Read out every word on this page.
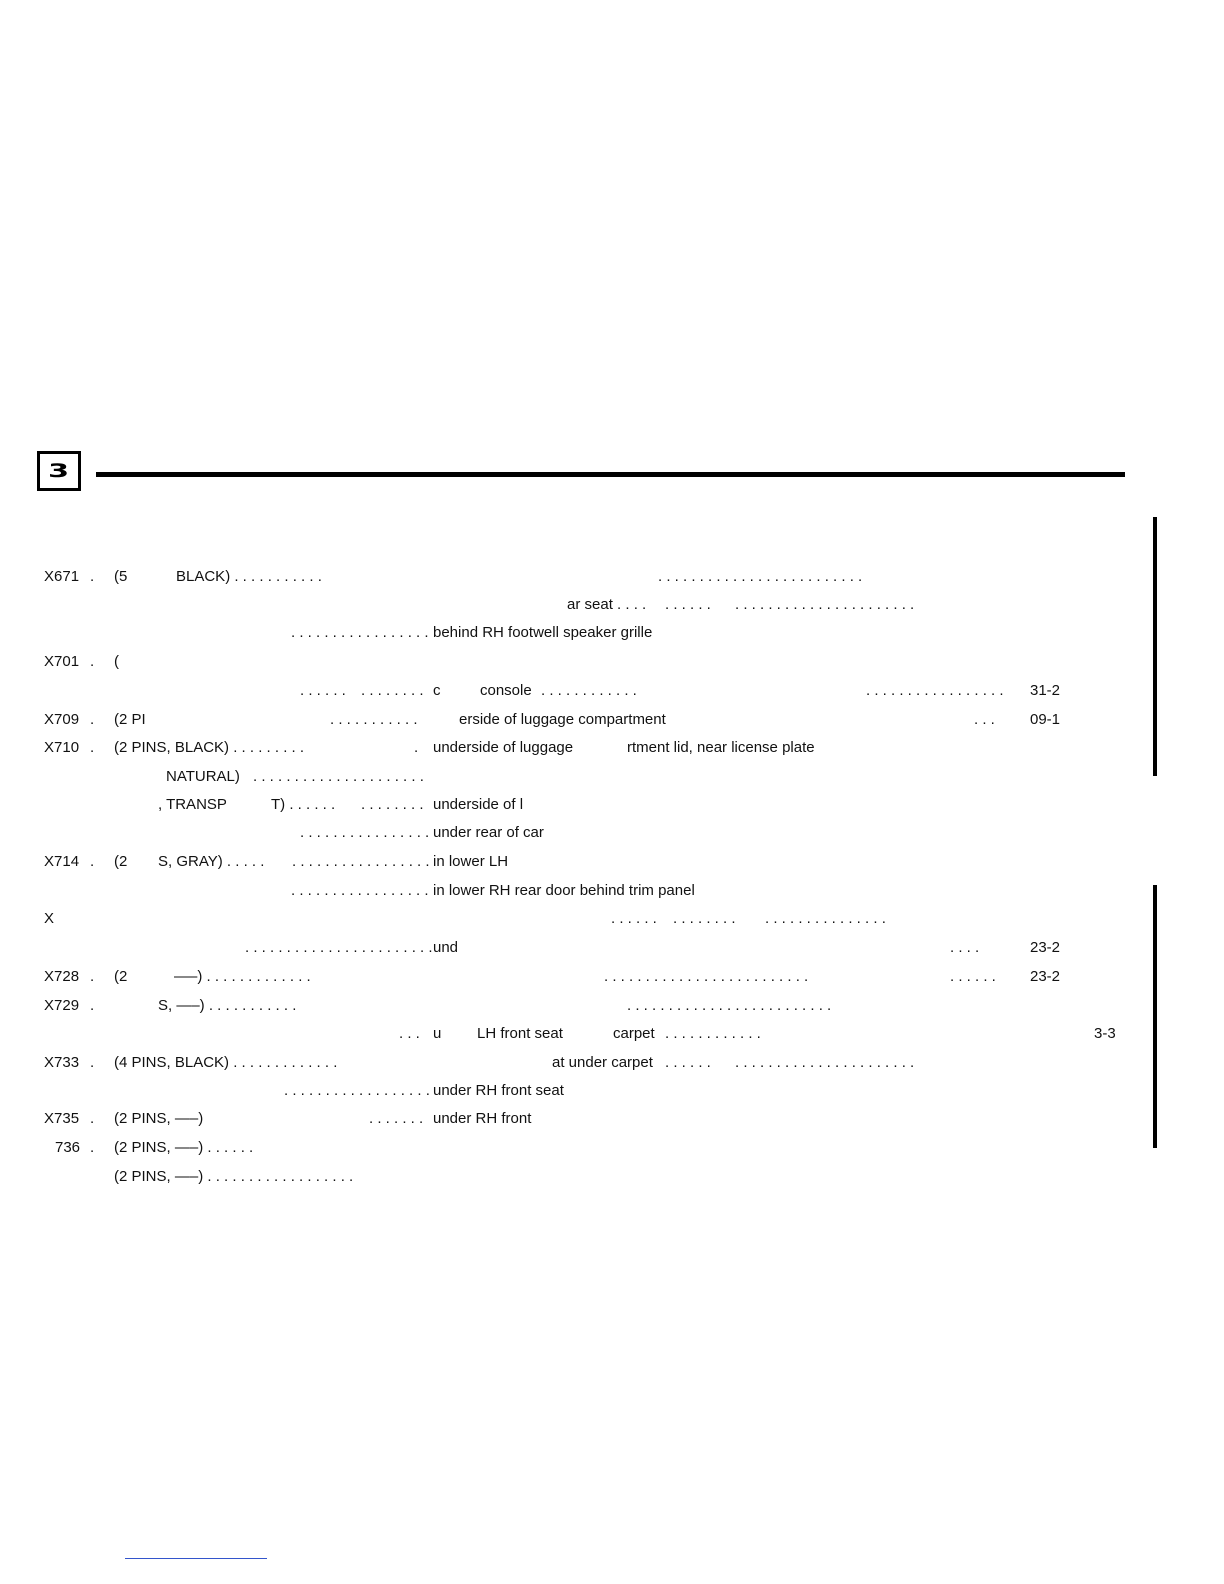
3
X671 . (5	BLACK) . . . . . . . . . . .	. . . . . . . . . . . . . . . . . . . . . . . . .
ar seat . . . . . . . . . . . . . . . . . . . . . . . . . . . . . . . .
. . . . . . . . . . . . . . . . . behind RH footwell speaker grille
X701 . (
. . . . . . . . . . . . . . c	console . . . . . . . . . . . .	. . . . . . . . . . . . . . . . . 31-2
X709 . (2 PI	. . . . . . . . . . .	erside of luggage compartment	. . . 09-1
X710 . (2 PINS, BLACK) . . . . . . . . .	. underside of luggage	rtment lid, near license plate
NATURAL) . . . . . . . . . . . . . . . . . . . . .
, TRANSP	T) . . . . . . . . . . . . . . underside of l
. . . . . . . . . . . . . . . . under rear of car
X714 . (2 S, GRAY) . . . . . . . . . . . . . . . . . . . . . . in lower LH
. . . . . . . . . . . . . . . . . in lower RH rear door behind trim panel
X	. . . . . . . . . . . . . . . . . . . . . . . . . . . . .
. . . . . . . . . . . . . . . . . . . . . . . und	. . . .	23-2
X728 . (2	—–) . . . . . . . . . . . . .	. . . . . . . . . . . . . . . . . . . . . . . . .	. . . . . . 23-2
X729 .	S, —–) . . . . . . . . . . .	. . . . . . . . . . . . . . . . . . . . . . . . .
. . . u LH front seat	carpet . . . . . . . . . . . .	3-3
X733 . (4 PINS, BLACK) . . . . . . . . . . . . .	at under carpet . . . . . . . . . . . . . . . . . . . . . . . . . . . .
. . . . . . . . . . . . . . . . . . under RH front seat
X735 . (2 PINS, —–)	. . . . . . . under RH front
736 . (2 PINS, —–) . . . . . .
(2 PINS, —–) . . . . . . . . . . . . . . . . . .
